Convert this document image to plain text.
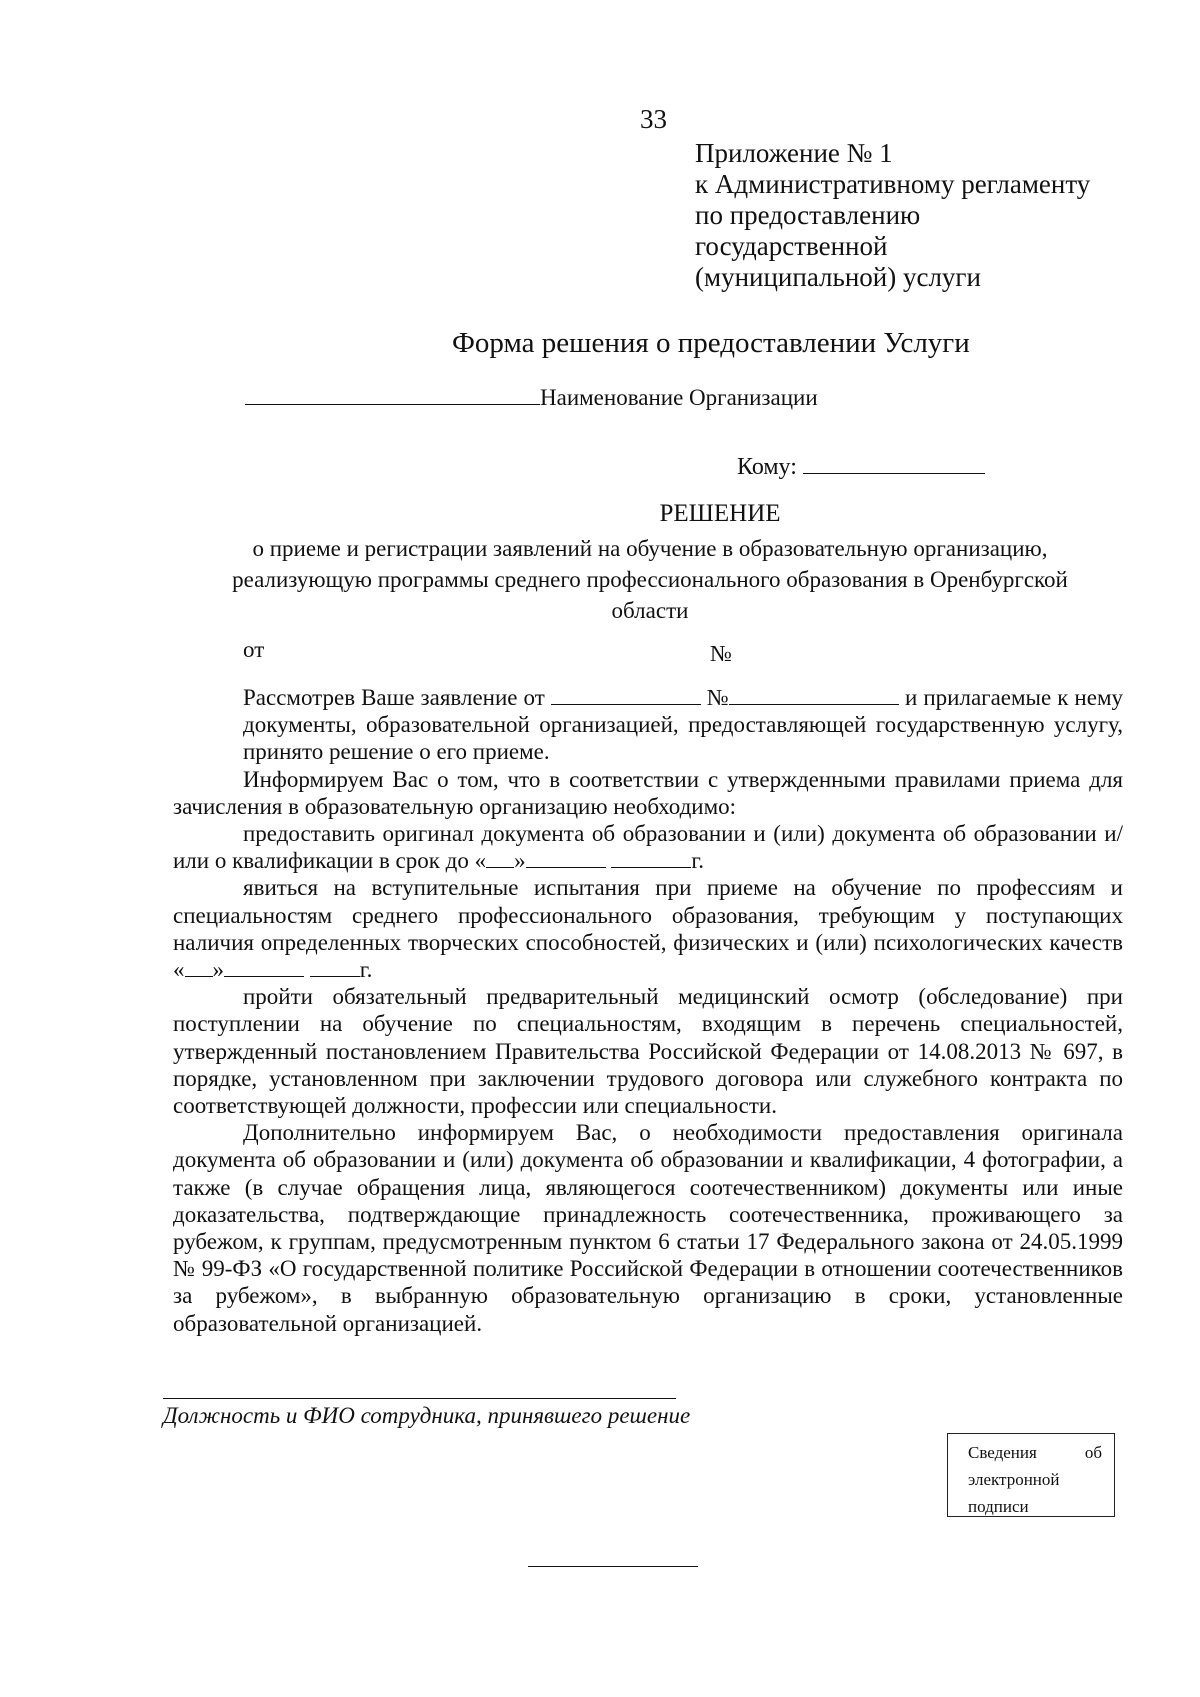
33
Приложение № 1
к Административному регламенту
по предоставлению
государственной
(муниципальной) услуги
Форма решения о предоставлении Услуги
Наименование Организации
Кому:
РЕШЕНИЕ
о приеме и регистрации заявлений на обучение в образовательную организацию, реализующую программы среднего профессионального образования в Оренбургской области
от	№

Рассмотрев Ваше заявление от	№	и прилагаемые к нему документы, образовательной организацией, предоставляющей государственную услугу, принято решение о его приеме.

Информируем Вас о том, что в соответствии с утвержденными правилами приема для зачисления в образовательную организацию необходимо:

предоставить оригинал документа об образовании и (или) документа об образовании и/или о квалификации в срок до « »	г.

явиться на вступительные испытания при приеме на обучение по профессиям и специальностям среднего профессионального образования, требующим у поступающих наличия определенных творческих способностей, физических и (или) психологических качеств « »	г.

пройти обязательный предварительный медицинский осмотр (обследование) при поступлении на обучение по специальностям, входящим в перечень специальностей, утвержденный постановлением Правительства Российской Федерации от 14.08.2013 № 697, в порядке, установленном при заключении трудового договора или служебного контракта по соответствующей должности, профессии или специальности.

Дополнительно информируем Вас, о необходимости предоставления оригинала документа об образовании и (или) документа об образовании и квалификации, 4 фотографии, а также (в случае обращения лица, являющегося соотечественником) документы или иные доказательства, подтверждающие принадлежность соотечественника, проживающего за рубежом, к группам, предусмотренным пунктом 6 статьи 17 Федерального закона от 24.05.1999 № 99-ФЗ «О государственной политике Российской Федерации в отношении соотечественников за рубежом», в выбранную образовательную организацию в сроки, установленные образовательной организацией.

Должность и ФИО сотрудника, принявшего решение
Сведения об электронной подписи
